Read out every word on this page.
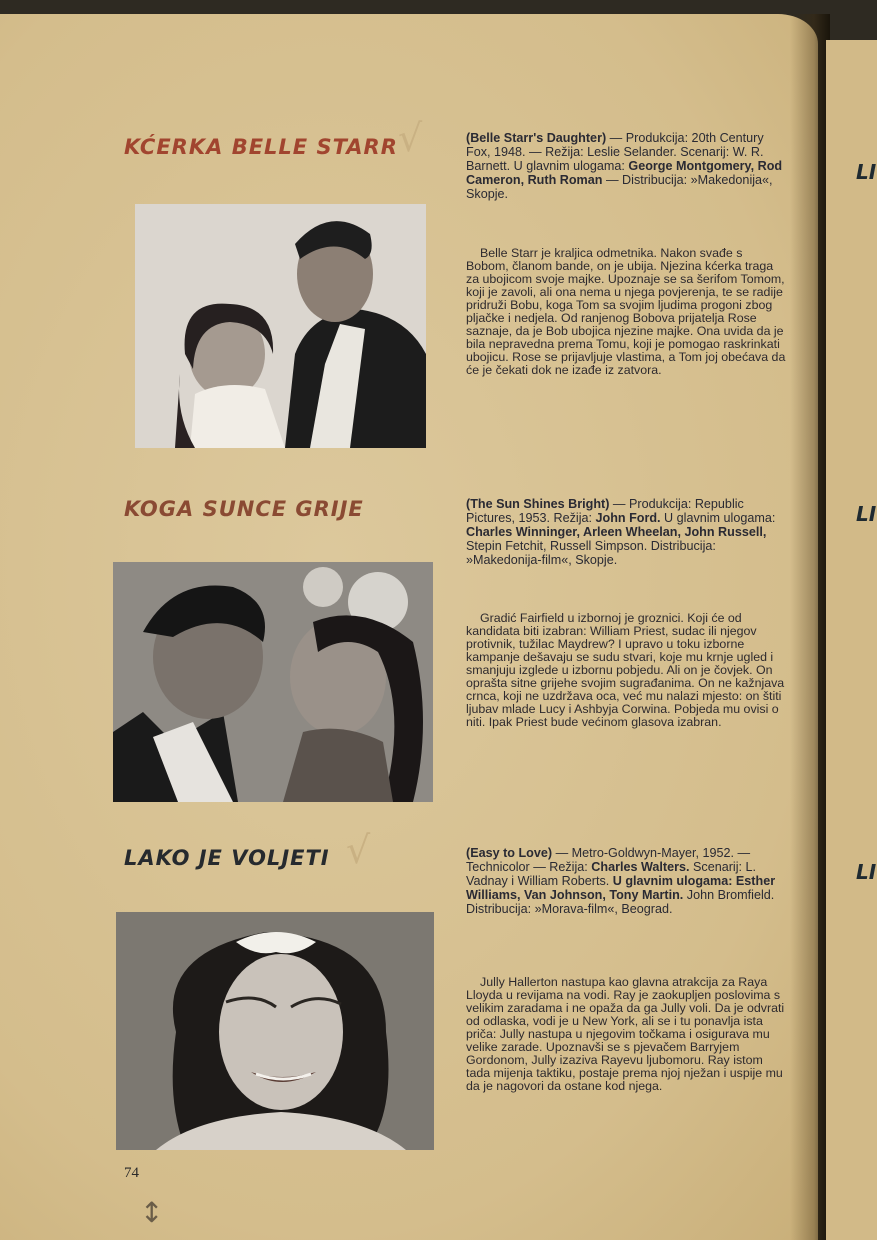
LI
LI
LI
KĆERKA BELLE STARR √	(Belle Starr's Daughter) — Produkcija: 20th Century Fox, 1948. — Režija: Leslie Selander. Scenarij: W. R. Barnett. U glavnim ulogama: George Montgomery, Rod Cameron, Ruth Roman — Distribucija: »Makedonija«, Skopje.
Belle Starr je kraljica odmetnika. Nakon svađe s Bobom, članom bande, on je ubija. Njezina kćerka traga za ubojicom svoje majke. Upoznaje se sa šerifom Tomom, koji je zavoli, ali ona nema u njega povjerenja, te se radije pridruži Bobu, koga Tom sa svojim ljudima progoni zbog pljačke i nedjela. Od ranjenog Bobova prijatelja Rose saznaje, da je Bob ubojica njezine majke. Ona uvida da je bila nepravedna prema Tomu, koji je pomogao raskrinkati ubojicu. Rose se prijavljuje vlastima, a Tom joj obećava da će je čekati dok ne izađe iz zatvora.
KOGA SUNCE GRIJE	(The Sun Shines Bright) — Produkcija: Republic Pictures, 1953. Režija: John Ford. U glavnim ulogama: Charles Winninger, Arleen Wheelan, John Russell, Stepin Fetchit, Russell Simpson. Distribucija: »Makedonija-film«, Skopje.
Gradić Fairfield u izbornoj je groznici. Koji će od kandidata biti izabran: William Priest, sudac ili njegov protivnik, tužilac Maydrew? I upravo u toku izborne kampanje dešavaju se sudu stvari, koje mu krnje ugled i smanjuju izglede u izbornu pobjedu. Ali on je čovjek. On oprašta sitne grijehe svojim sugrađanima. On ne kažnjava crnca, koji ne uzdržava oca, već mu nalazi mjesto: on štiti ljubav mlade Lucy i Ashbyja Corwina. Pobjeda mu ovisi o niti. Ipak Priest bude većinom glasova izabran.
LAKO JE VOLJETI √	(Easy to Love) — Metro-Goldwyn-Mayer, 1952. — Technicolor — Režija: Charles Walters. Scenarij: L. Vadnay i William Roberts. U glavnim ulogama: Esther Williams, Van Johnson, Tony Martin. John Bromfield. Distribucija: »Morava-film«, Beograd.
Jully Hallerton nastupa kao glavna atrakcija za Raya Lloyda u revijama na vodi. Ray je zaokupljen poslovima s velikim zaradama i ne opaža da ga Jully voli. Da je odvrati od odlaska, vodi je u New York, ali se i tu ponavlja ista priča: Jully nastupa u njegovim točkama i osigurava mu velike zarade. Upoznavši se s pjevačem Barryjem Gordonom, Jully izaziva Rayevu ljubomoru. Ray istom tada mijenja taktiku, postaje prema njoj nježan i uspije mu da je nagovori da ostane kod njega.
74
↕
